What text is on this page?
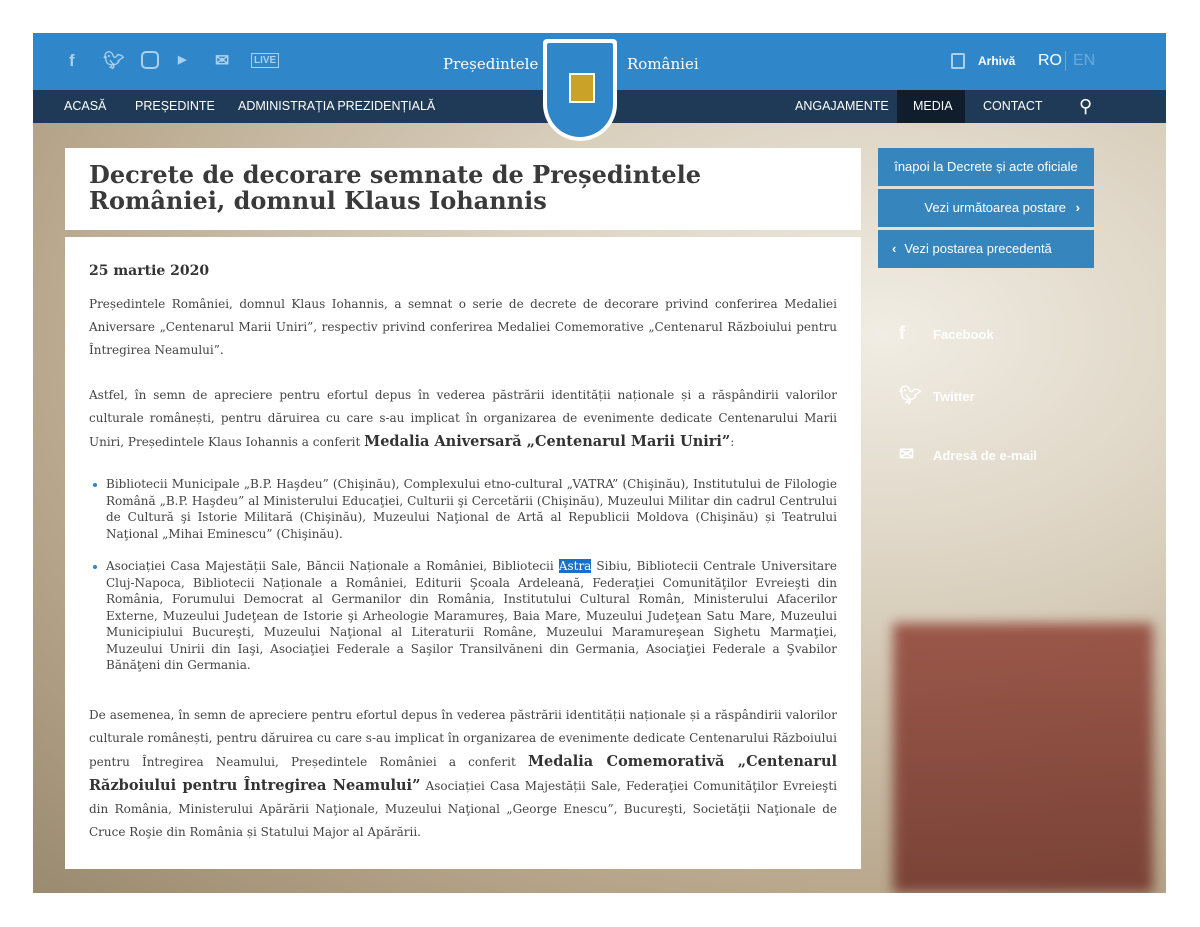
f 🐦︎	▶ ✉	LIVE	Președintele	României	Arhivă RO EN
ACASĂ	PREȘEDINTE	ADMINISTRAȚIA PREZIDENȚIALĂ	ANGAJAMENTE	MEDIA	CONTACT	⚲
Decrete de decorare semnate de Președintele României, domnul Klaus Iohannis
25 martie 2020

Președintele României, domnul Klaus Iohannis, a semnat o serie de decrete de decorare privind conferirea Medaliei Aniversare „Centenarul Marii Uniri”, respectiv privind conferirea Medaliei Comemorative „Centenarul Războiului pentru Întregirea Neamului”.

Astfel, în semn de apreciere pentru efortul depus în vederea păstrării identității naționale și a răspândirii valorilor culturale românești, pentru dăruirea cu care s-au implicat în organizarea de evenimente dedicate Centenarului Marii Uniri, Președintele Klaus Iohannis a conferit Medalia Aniversară „Centenarul Marii Uniri”:

Bibliotecii Municipale „B.P. Haşdeu” (Chişinău), Complexului etno-cultural „VATRA” (Chişinău), Institutului de Filologie Română „B.P. Haşdeu” al Ministerului Educaţiei, Culturii şi Cercetării (Chişinău), Muzeului Militar din cadrul Centrului de Cultură şi Istorie Militară (Chişinău), Muzeului Naţional de Artă al Republicii Moldova (Chişinău) și Teatrului Naţional „Mihai Eminescu” (Chişinău).
Asociației Casa Majestății Sale, Băncii Naționale a României, Bibliotecii Astra Sibiu, Bibliotecii Centrale Universitare Cluj-Napoca, Bibliotecii Naționale a României, Editurii Şcoala Ardeleană, Federaţiei Comunităţilor Evreieşti din România, Forumului Democrat al Germanilor din România, Institutului Cultural Român, Ministerului Afacerilor Externe, Muzeului Judeţean de Istorie şi Arheologie Maramureş, Baia Mare, Muzeului Judeţean Satu Mare, Muzeului Municipiului Bucureşti, Muzeului Naţional al Literaturii Române, Muzeului Maramureşean Sighetu Marmaţiei, Muzeului Unirii din Iaşi, Asociaţiei Federale a Saşilor Transilvăneni din Germania, Asociaţiei Federale a Şvabilor Bănăţeni din Germania.

De asemenea, în semn de apreciere pentru efortul depus în vederea păstrării identității naționale și a răspândirii valorilor culturale românești, pentru dăruirea cu care s-au implicat în organizarea de evenimente dedicate Centenarului Războiului pentru Întregirea Neamului, Președintele României a conferit Medalia Comemorativă „Centenarul Războiului pentru Întregirea Neamului” Asociației Casa Majestății Sale, Federaţiei Comunităţilor Evreieşti din România, Ministerului Apărării Naţionale, Muzeului Naţional „George Enescu”, Bucureşti, Societăţii Naţionale de Cruce Roşie din România și Statului Major al Apărării.

înapoi la Decrete și acte oficiale
Vezi următoarea postare ›
‹ Vezi postarea precedentă
f Facebook
🐦︎ Twitter
✉ Adresă de e-mail
